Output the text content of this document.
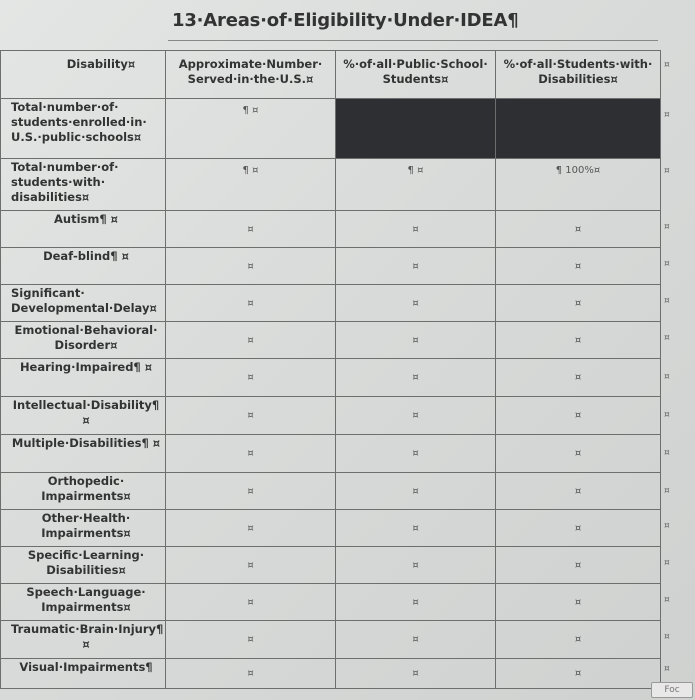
13·Areas·of·Eligibility·Under·IDEA¶
Disability¤	Approximate·Number· Served·in·the·U.S.¤	%·of·all·Public·School· Students¤	%·of·all·Students·with· Disabilities¤
Total·number·of· students·enrolled·in· U.S.·public·schools¤	¶ ¤		
Total·number·of· students·with· disabilities¤	¶ ¤	¶ ¤	¶ 100%¤
Autism¶ ¤	¤	¤	¤
Deaf-blind¶ ¤	¤	¤	¤
Significant· Developmental·Delay¤	¤	¤	¤
Emotional·Behavioral· Disorder¤	¤	¤	¤
Hearing·Impaired¶ ¤	¤	¤	¤
Intellectual·Disability¶ ¤	¤	¤	¤
Multiple·Disabilities¶ ¤	¤	¤	¤
Orthopedic· Impairments¤	¤	¤	¤
Other·Health· Impairments¤	¤	¤	¤
Specific·Learning· Disabilities¤	¤	¤	¤
Speech·Language· Impairments¤	¤	¤	¤
Traumatic·Brain·Injury¶ ¤	¤	¤	¤
Visual·Impairments¶	¤	¤	¤
¤
¤
¤
¤
¤
¤
¤
¤
¤
¤
¤
¤
¤
¤
¤
¤
Foc
